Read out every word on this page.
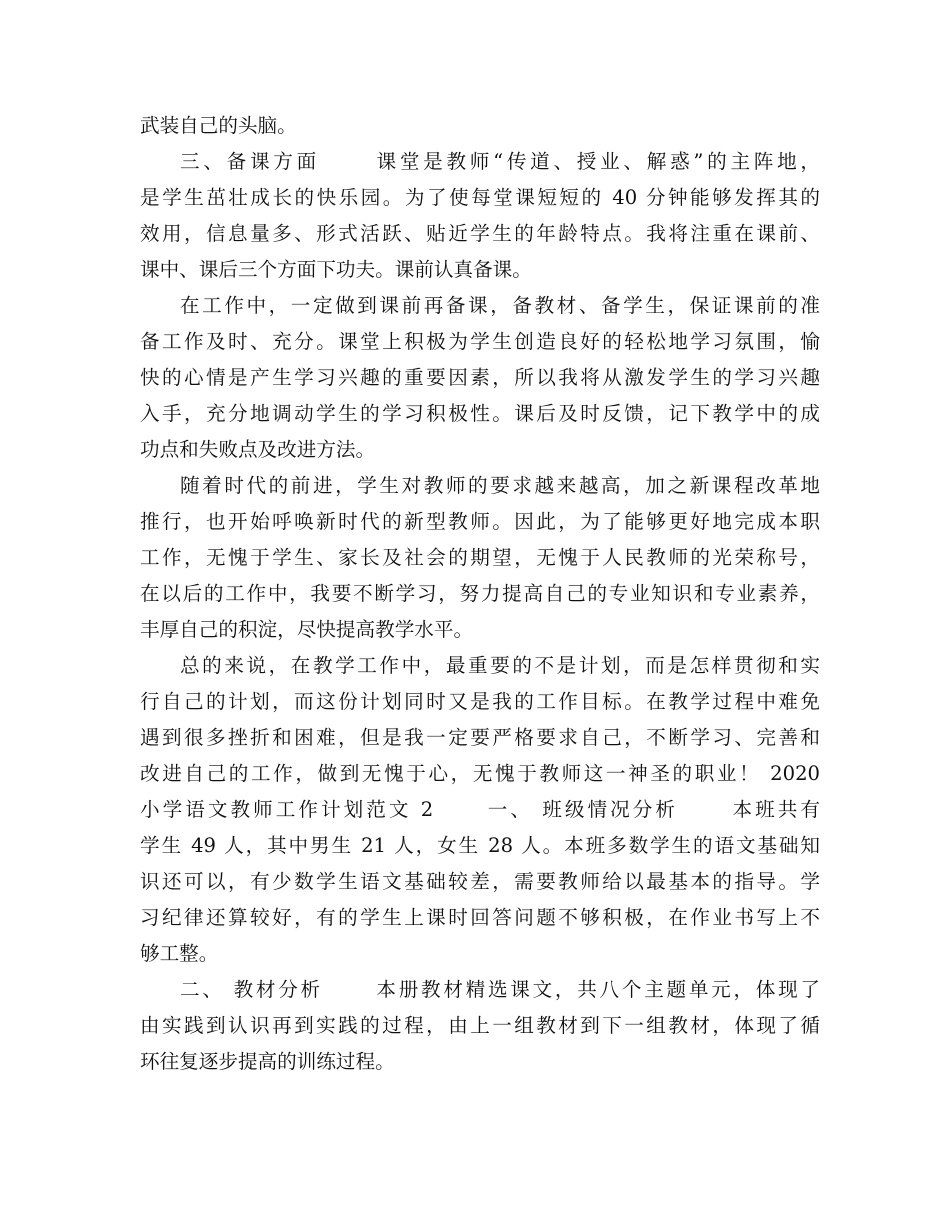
武装自己的头脑。
三、备课方面 　　课堂是教师“传道、授业、解惑”的主阵地，
是学生茁壮成长的快乐园。为了使每堂课短短的 40 分钟能够发挥其的
效用，信息量多、形式活跃、贴近学生的年龄特点。我将注重在课前、
课中、课后三个方面下功夫。课前认真备课。
在工作中，一定做到课前再备课，备教材、备学生，保证课前的准
备工作及时、充分。课堂上积极为学生创造良好的轻松地学习氛围，愉
快的心情是产生学习兴趣的重要因素，所以我将从激发学生的学习兴趣
入手，充分地调动学生的学习积极性。课后及时反馈，记下教学中的成
功点和失败点及改进方法。
随着时代的前进，学生对教师的要求越来越高，加之新课程改革地
推行，也开始呼唤新时代的新型教师。因此，为了能够更好地完成本职
工作，无愧于学生、家长及社会的期望，无愧于人民教师的光荣称号，
在以后的工作中，我要不断学习，努力提高自己的专业知识和专业素养，
丰厚自己的积淀，尽快提高教学水平。
总的来说，在教学工作中，最重要的不是计划，而是怎样贯彻和实
行自己的计划，而这份计划同时又是我的工作目标。在教学过程中难免
遇到很多挫折和困难，但是我一定要严格要求自己，不断学习、完善和
改进自己的工作，做到无愧于心，无愧于教师这一神圣的职业！ 2020
小学语文教师工作计划范文 2 　　一、 班级情况分析 　　本班共有
学生 49 人，其中男生 21 人，女生 28 人。本班多数学生的语文基础知
识还可以，有少数学生语文基础较差，需要教师给以最基本的指导。学
习纪律还算较好，有的学生上课时回答问题不够积极，在作业书写上不
够工整。
二、 教材分析 　　本册教材精选课文，共八个主题单元，体现了
由实践到认识再到实践的过程，由上一组教材到下一组教材，体现了循
环往复逐步提高的训练过程。
